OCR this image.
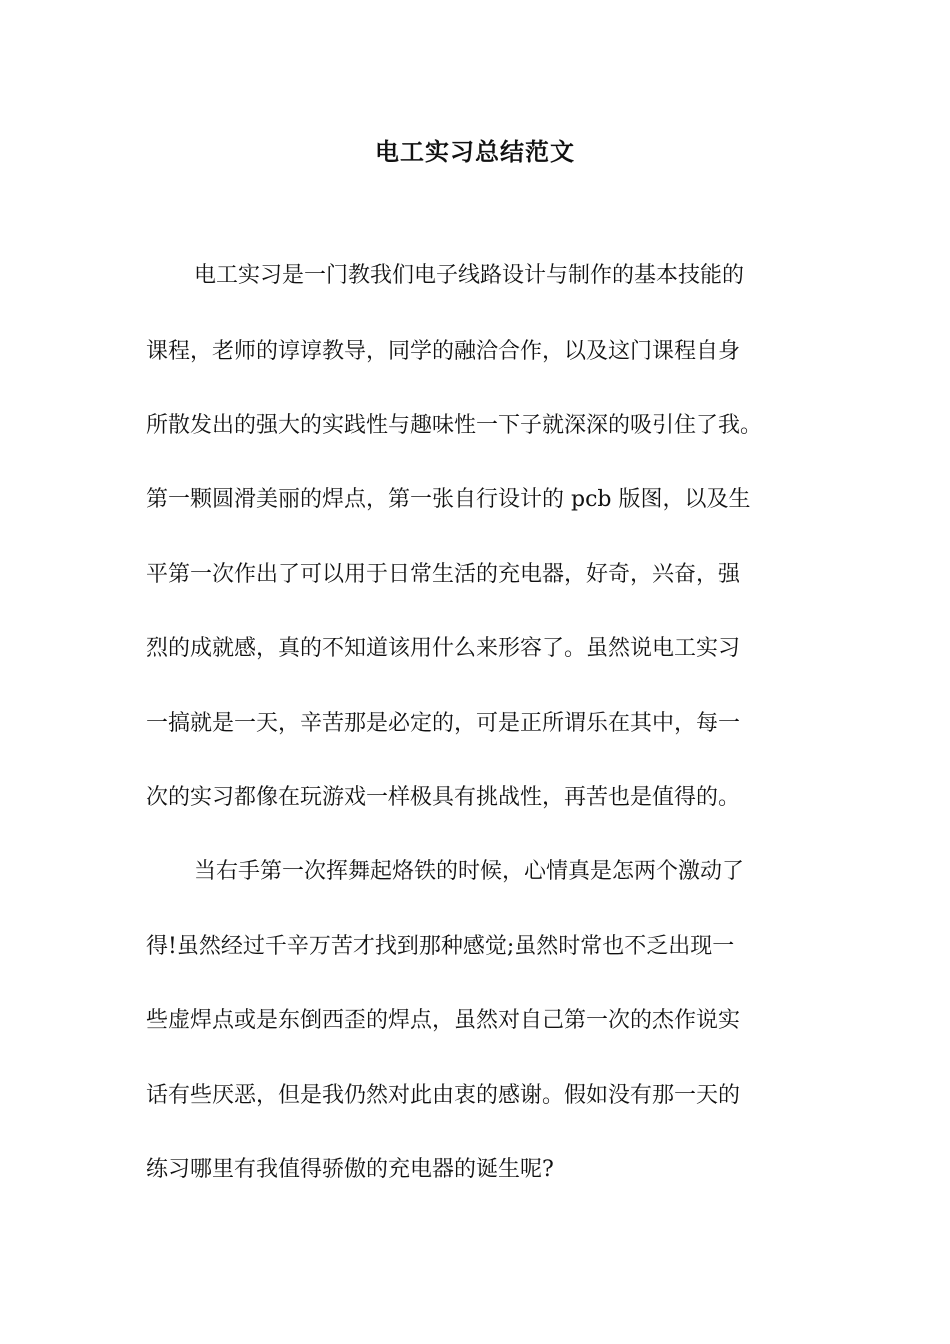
电工实习总结范文

电工实习是一门教我们电子线路设计与制作的基本技能的

课程，老师的谆谆教导，同学的融洽合作，以及这门课程自身

所散发出的强大的实践性与趣味性一下子就深深的吸引住了我。

第一颗圆滑美丽的焊点，第一张自行设计的 pcb 版图，以及生

平第一次作出了可以用于日常生活的充电器，好奇，兴奋，强

烈的成就感，真的不知道该用什么来形容了。虽然说电工实习

一搞就是一天，辛苦那是必定的，可是正所谓乐在其中，每一

次的实习都像在玩游戏一样极具有挑战性，再苦也是值得的。

当右手第一次挥舞起烙铁的时候，心情真是怎两个激动了

得!虽然经过千辛万苦才找到那种感觉;虽然时常也不乏出现一

些虚焊点或是东倒西歪的焊点，虽然对自己第一次的杰作说实

话有些厌恶，但是我仍然对此由衷的感谢。假如没有那一天的

练习哪里有我值得骄傲的充电器的诞生呢?
